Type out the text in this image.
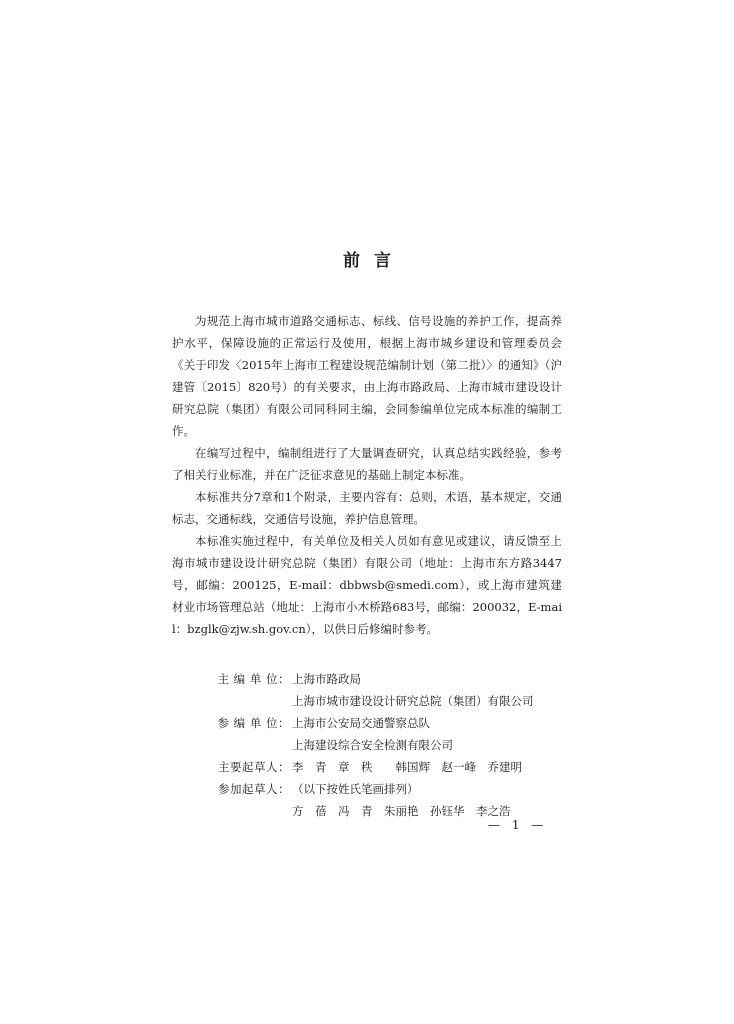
前言

为规范上海市城市道路交通标志、标线、信号设施的养护工作，提高养护水平，保障设施的正常运行及使用，根据上海市城乡建设和管理委员会《关于印发〈2015年上海市工程建设规范编制计划（第二批）〉的通知》（沪建管〔2015〕820号）的有关要求，由上海市路政局、上海市城市建设设计研究总院（集团）有限公司同科同主编，会同参编单位完成本标准的编制工作。

在编写过程中，编制组进行了大量调查研究，认真总结实践经验，参考了相关行业标准，并在广泛征求意见的基础上制定本标准。

本标准共分7章和1个附录，主要内容有：总则，术语，基本规定，交通标志，交通标线，交通信号设施，养护信息管理。

本标准实施过程中，有关单位及相关人员如有意见或建议，请反馈至上海市城市建设设计研究总院（集团）有限公司（地址：上海市东方路3447号，邮编：200125，E-mail：dbbwsb@smedi.com），或上海市建筑建材业市场管理总站（地址：上海市小木桥路683号，邮编：200032，E-mail：bzglk@zjw.sh.gov.cn），以供日后修编时参考。

主 编 单 位： 上海市路政局
上海市城市建设设计研究总院（集团）有限公司
参 编 单 位： 上海市公安局交通警察总队
上海建设综合安全检测有限公司
主要起草人： 李　青　章　秩　　韩国辉　赵一峰　乔建明
参加起草人： （以下按姓氏笔画排列）
方　蓓　冯　青　朱丽艳　孙钰华　李之浩
— 1 —
